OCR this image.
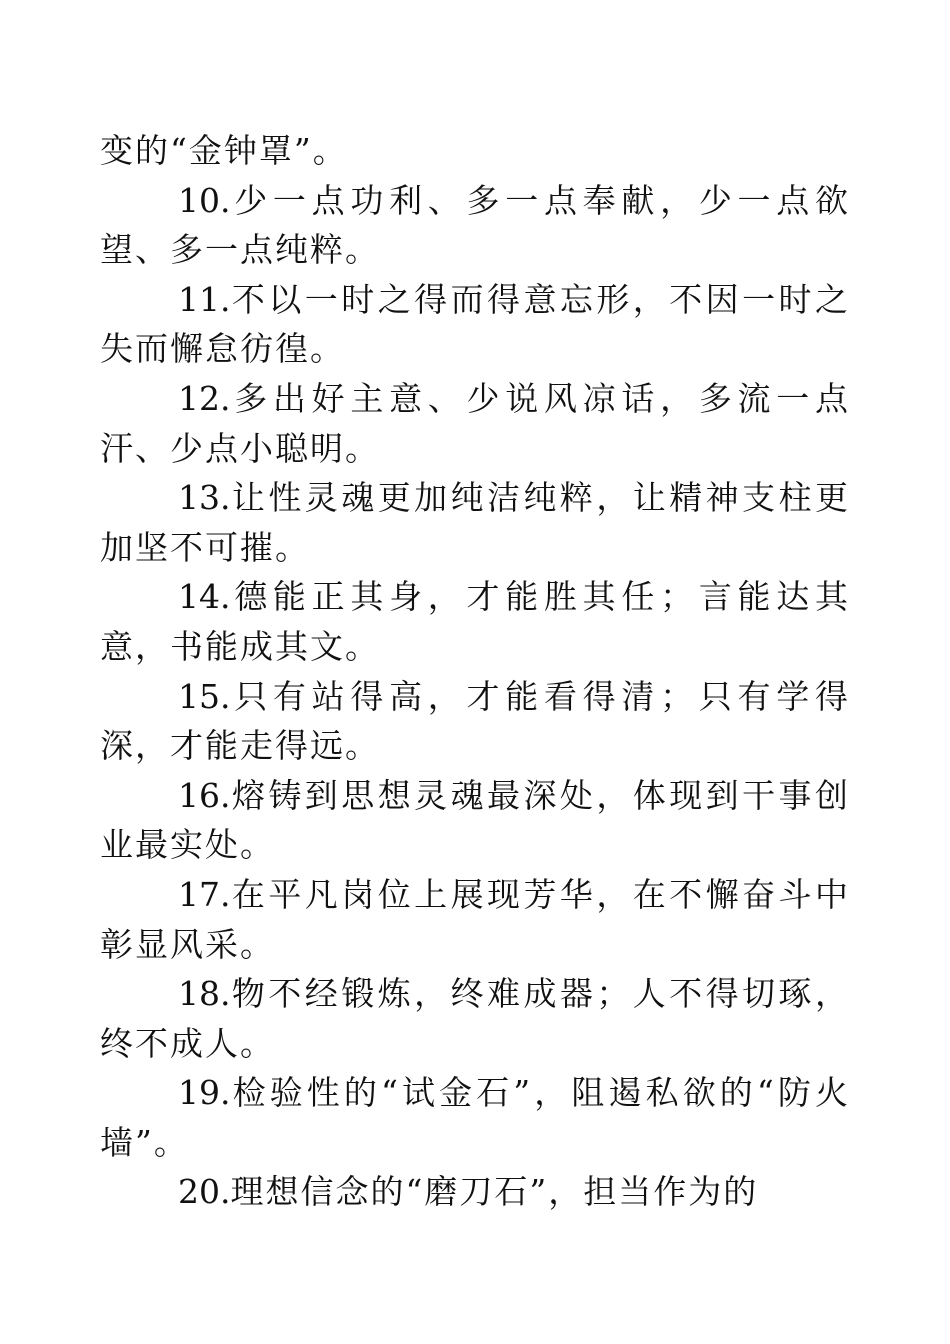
变的“金钟罩”。

10.少一点功利、多一点奉献，少一点欲望、多一点纯粹。

11.不以一时之得而得意忘形，不因一时之失而懈怠彷徨。

12.多出好主意、少说风凉话，多流一点汗、少点小聪明。

13.让性灵魂更加纯洁纯粹，让精神支柱更加坚不可摧。

14.德能正其身，才能胜其任；言能达其意，书能成其文。

15.只有站得高，才能看得清；只有学得深，才能走得远。

16.熔铸到思想灵魂最深处，体现到干事创业最实处。

17.在平凡岗位上展现芳华，在不懈奋斗中彰显风采。

18.物不经锻炼，终难成器；人不得切琢，终不成人。

19.检验性的“试金石”，阻遏私欲的“防火墙”。

20.理想信念的“磨刀石”，担当作为的
